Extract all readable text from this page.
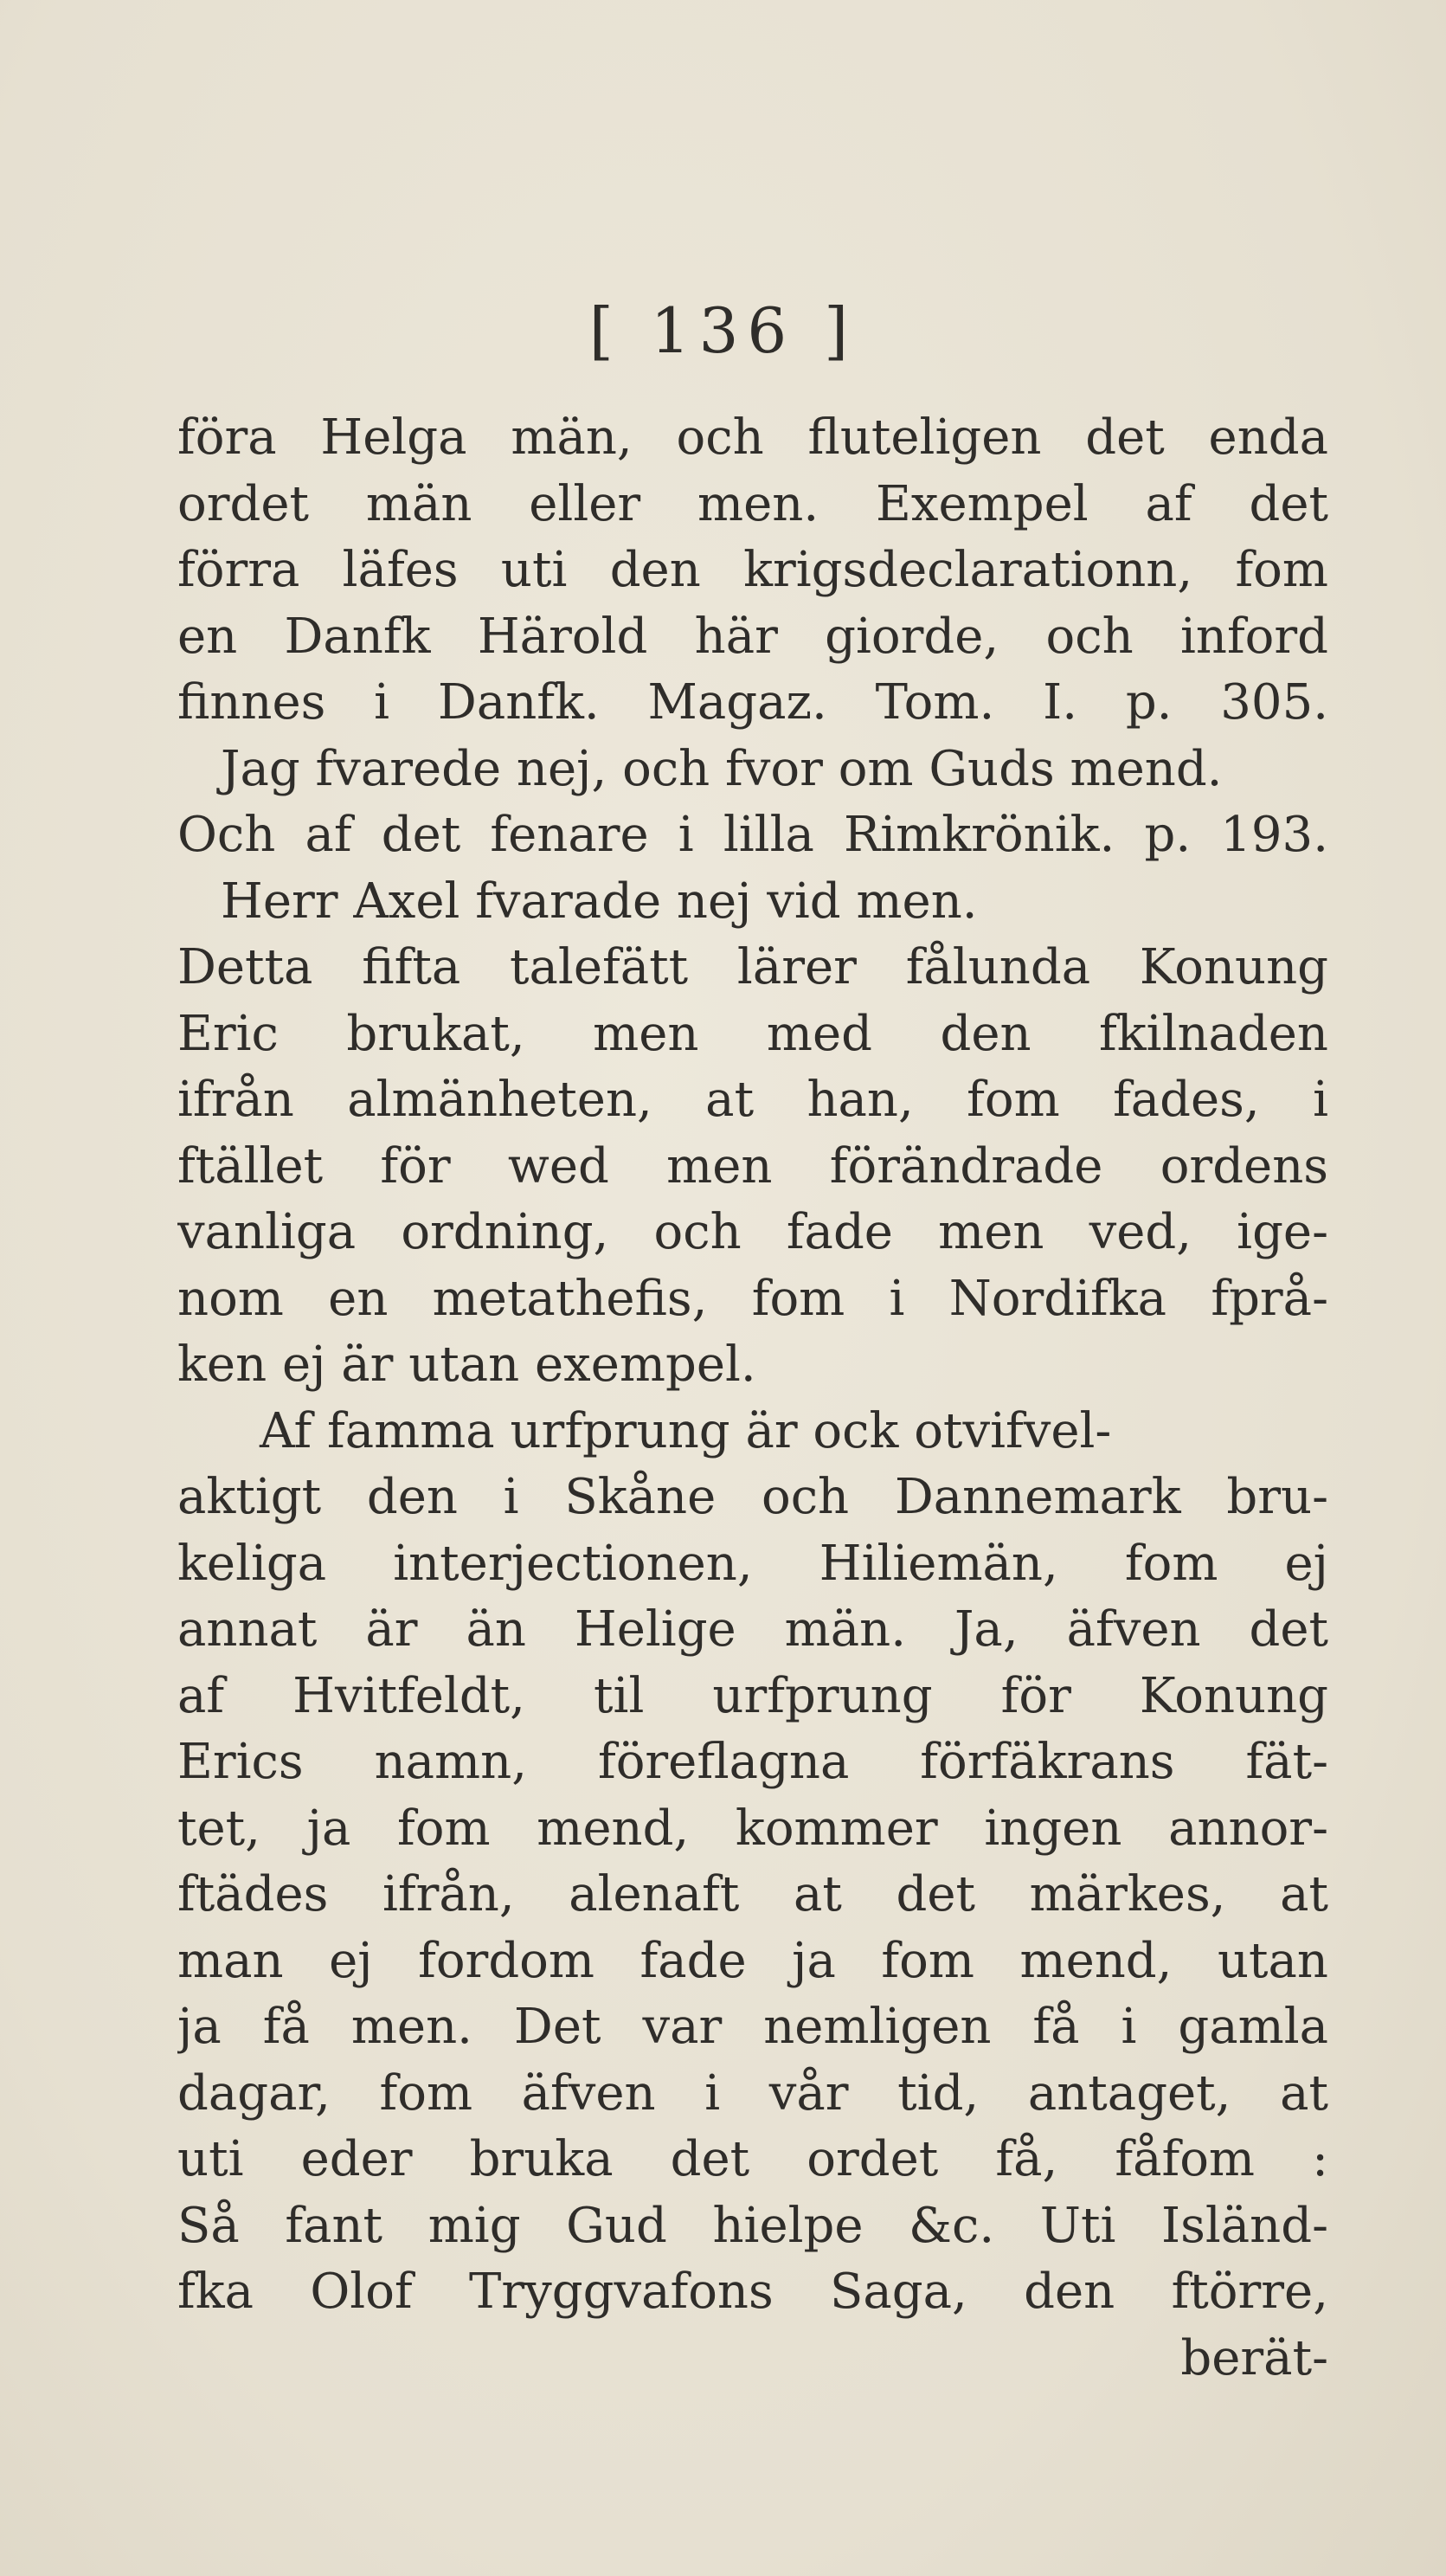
[ 136 ]
föra Helga män, och fluteligen det enda
ordet män eller men. Exempel af det
förra läfes uti den krigsdeclarationn, fom
en Danfk Härold här giorde, och inford
finnes i Danfk. Magaz. Tom. I. p. 305.
Jag fvarede nej, och fvor om Guds mend.
Och af det fenare i lilla Rimkrönik. p. 193.
Herr Axel fvarade nej vid men.
Detta fifta talefätt lärer fålunda Konung
Eric brukat, men med den fkilnaden
ifrån almänheten, at han, fom fades, i
ftället för wed men förändrade ordens
vanliga ordning, och fade men ved, ige-
nom en metathefis, fom i Nordifka fprå-
ken ej är utan exempel.
Af famma urfprung är ock otvifvel-
aktigt den i Skåne och Dannemark bru-
keliga interjectionen, Hiliemän, fom ej
annat är än Helige män. Ja, äfven det
af Hvitfeldt, til urfprung för Konung
Erics namn, föreflagna förfäkrans fät-
tet, ja fom mend, kommer ingen annor-
ftädes ifrån, alenaft at det märkes, at
man ej fordom fade ja fom mend, utan
ja få men. Det var nemligen få i gamla
dagar, fom äfven i vår tid, antaget, at
uti eder bruka det ordet få, fåfom :
Så fant mig Gud hielpe &c. Uti Isländ-
fka Olof Tryggvafons Saga, den ftörre,
berät-
